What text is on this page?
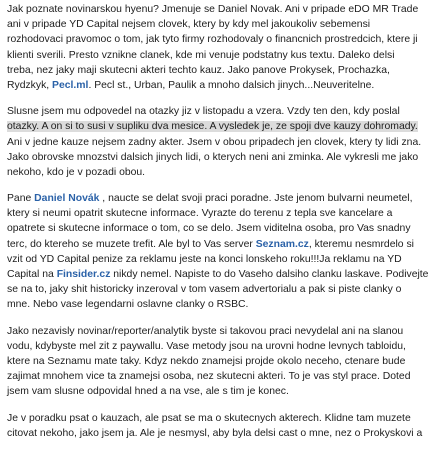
Jak poznate novinarskou hyenu? Jmenuje se Daniel Novak. Ani v pripade eDO MR Trade
ani v pripade YD Capital nejsem clovek, ktery by kdy mel jakoukoliv sebemensi
rozhodovaci pravomoc o tom, jak tyto firmy rozhodovaly o financnich prostredcich, ktere ji
klienti sverili. Presto vznikne clanek, kde mi venuje podstatny kus textu. Daleko delsi
treba, nez jaky maji skutecni akteri techto kauz. Jako panove Prokysek, Prochazka,
Rydzkyk, Pecl.ml. Pecl st., Urban, Paulik a mnoho dalsich jinych...Neuveritelne.
Slusne jsem mu odpovedel na otazky jiz v listopadu a vzera. Vzdy ten den, kdy poslal
otazky. A on si to susi v supliku dva mesice. A vysledek je, ze spoji dve kauzy dohromady.
Ani v jedne kauze nejsem zadny akter. Jsem v obou pripadech jen clovek, ktery ty lidi zna.
Jako obrovske mnozstvi dalsich jinych lidi, o kterych neni ani zminka. Ale vykresli me jako
nekoho, kdo je v pozadi obou.
Pane Daniel Novák , naucte se delat svoji praci poradne. Jste jenom bulvarni neumetel,
ktery si neumi opatrit skutecne informace. Vyrazte do terenu z tepla sve kancelare a
opatrete si skutecne informace o tom, co se delo. Jsem viditelna osoba, pro Vas snadny
terc, do ktereho se muzete trefit. Ale byl to Vas server Seznam.cz, kteremu nesmrdelo si
vzit od YD Capital penize za reklamu jeste na konci lonskeho roku!!!Ja reklamu na YD
Capital na Finsider.cz nikdy nemel. Napiste to do Vaseho dalsiho clanku laskave. Podivejte
se na to, jaky shit historicky inzeroval v tom vasem advertorialu a pak si piste clanky o
mne. Nebo vase legendarni oslavne clanky o RSBC.
Jako nezavisly novinar/reporter/analytik byste si takovou praci nevydelal ani na slanou
vodu, kdybyste mel zit z paywallu. Vase metody jsou na urovni hodne levnych tabloidu,
ktere na Seznamu mate taky. Kdyz nekdo znamejsi projde okolo neceho, ctenare bude
zajimat mnohem vice ta znamejsi osoba, nez skutecni akteri. To je vas styl prace. Doted
jsem vam slusne odpovidal hned a na vse, ale s tim je konec.
Je v poradku psat o kauzach, ale psat se ma o skutecnych akterech. Klidne tam muzete
citovat nekoho, jako jsem ja. Ale je nesmysl, aby byla delsi cast o mne, nez o Prokyskovi a
